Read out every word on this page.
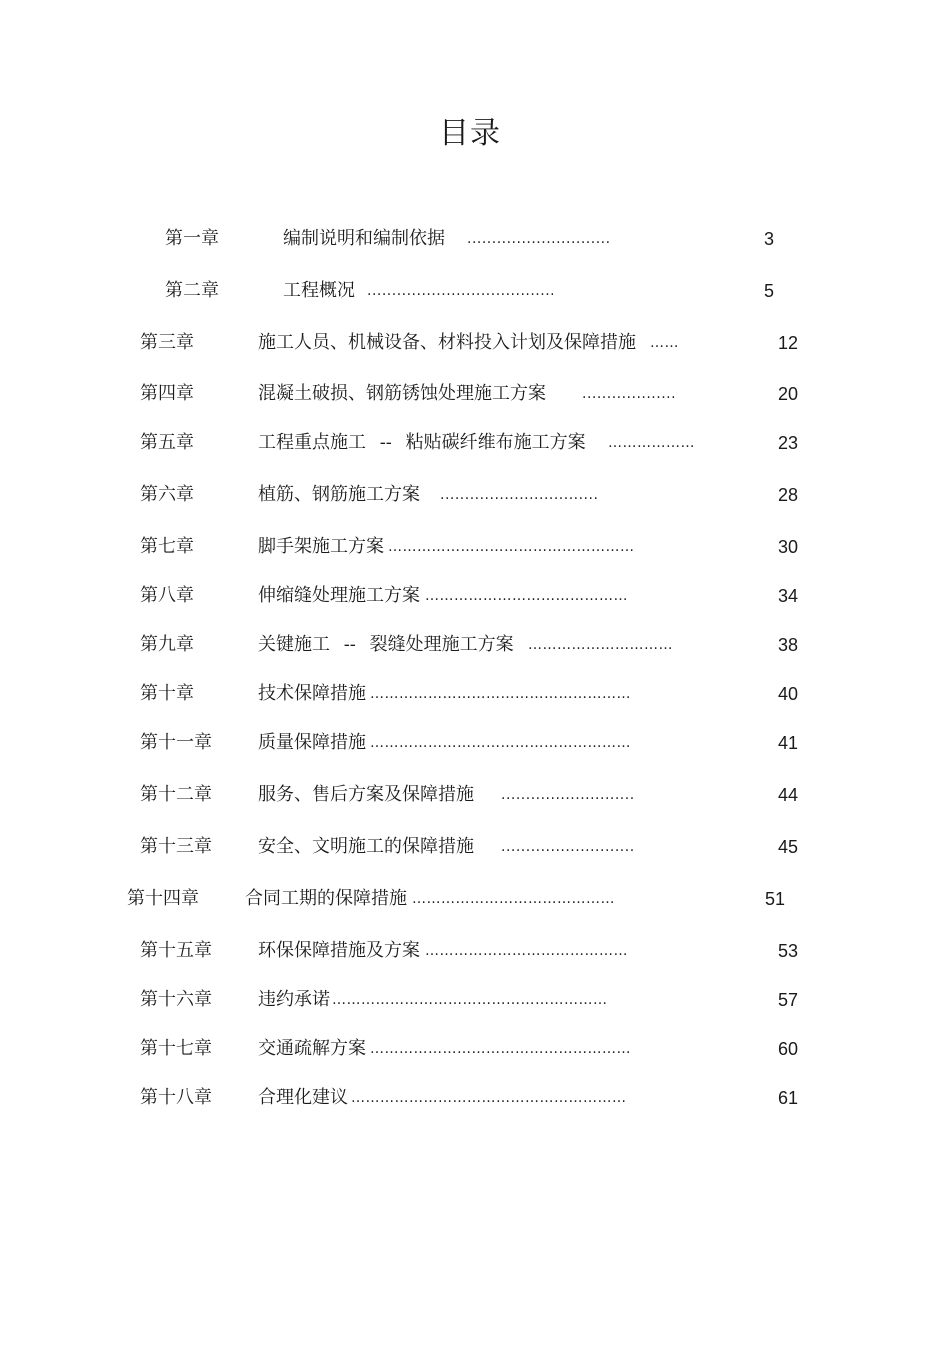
目录
第一章	编制说明和编制依据 .............................	3
第二章	工程概况 ......................................	5
第三章	施工人员、机械设备、材料投入计划及保障措施 ……	12
第四章	混凝土破损、钢筋锈蚀处理施工方案	...................	20
第五章	工程重点施工 -- 粘贴碳纤维布施工方案 ………………	23
第六章	植筋、钢筋施工方案 ................................	28
第七章	脚手架施工方案 ……………………………………………	30
第八章	伸缩缝处理施工方案 ……………………………………	34
第九章	关键施工 -- 裂缝处理施工方案 …………………………	38
第十章	技术保障措施 ………………………………………………	40
第十一章	质量保障措施 ………………………………………………	41
第十二章	服务、售后方案及保障措施 ...........................	44
第十三章	安全、文明施工的保障措施 ...........................	45
第十四章	合同工期的保障措施 ……………………………………	51
第十五章	环保保障措施及方案 ……………………………………	53
第十六章	违约承诺 …………………………………………………	57
第十七章	交通疏解方案 ………………………………………………	60
第十八章	合理化建议 …………………………………………………	61
